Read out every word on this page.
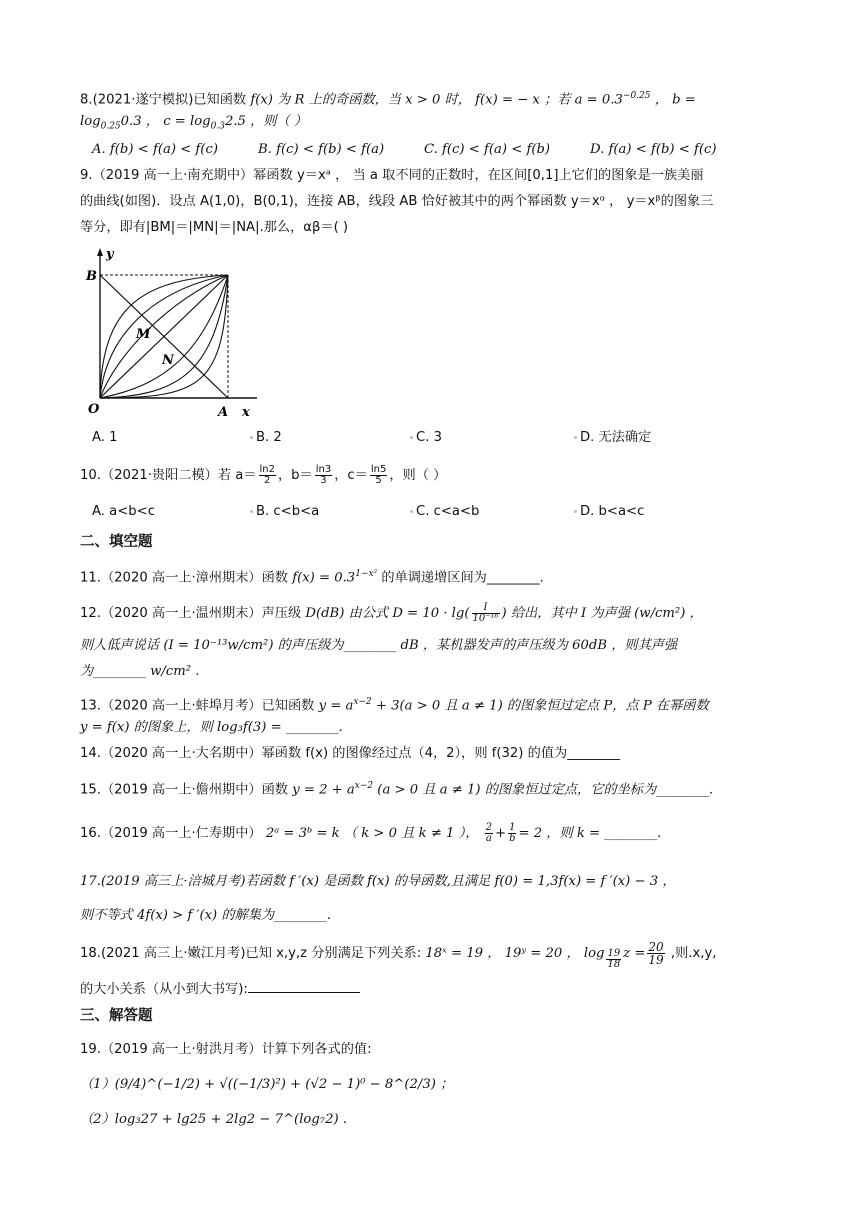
8.(2021·遂宁模拟)已知函数 f(x) 为 R 上的奇函数，当 x > 0 时， f(x) = − x ；若 $a = 0.3^{-0.25}$ ， b =
$\log_{0.25}0.3$ ， $c = \log_{0.3}2.5$ ，则（ ）
A. f(b) < f(a) < f(c)	B. f(c) < f(b) < f(a)	C. f(c) < f(a) < f(b)	D. f(a) < f(b) < f(c)
9.（2019 高一上·南充期中）幂函数 y＝xᵃ ， 当 a 取不同的正数时，在区间[0,1]上它们的图象是一族美丽
的曲线(如图)．设点 A(1,0)，B(0,1)，连接 AB，线段 AB 恰好被其中的两个幂函数 y＝xᵅ ， y＝xᵝ的图象三
等分，即有|BM|＝|MN|＝|NA|.那么，αβ＝( )
y
B
M
N
O	A x
A. 1	B. 2	C. 3	D. 无法确定
10.（2021·贵阳二模）若 $a= \frac{\ln 2}{2}$ ，$b= \frac{\ln 3}{3}$ ，$c= \frac{\ln 5}{5}$ ，则（ ）
A. a<b<c	B. c<b<a	C. c<a<b	D. b<a<c
二、填空题
11.（2020 高一上·漳州期末）函数 $f(x) = 0.3^{1-x^2}$ 的单调递增区间为________.
12.（2020 高一上·温州期末）声压级 D(dB) 由公式 $D = 10 \cdot \lg( \frac{I}{\text{10⁻¹⁶}}$ ) 给出，其中 I 为声强 (w/cm²) ，
则人低声说话 (I = 10⁻¹³w/cm²) 的声压级为________ dB ，某机器发声的声压级为 60dB ，则其声强
为________ w/cm² .
13.（2020 高一上·蚌埠月考）已知函数 $y = a^{x-2} + 3(a > 0$ 且 a ≠ 1) 的图象恒过定点 P，点 P 在幂函数
y = f(x) 的图象上，则 log₃f(3) = ________.
14.（2020 高一上·大名期中）幂函数 f(x) 的图像经过点（4，2），则 f(32) 的值为________
15.（2019 高一上·儋州期中）函数 $y = 2 + a^{x-2}$ (a > 0 且 a ≠ 1) 的图象恒过定点，它的坐标为________.
16.（2019 高一上·仁寿期中） 2ᵃ = 3ᵇ = k （ k > 0 且 k ≠ 1 ）， $\frac{2}{a} + \frac{1}{b} = 2$ ，则 k = ________.
17.(2019 高三上·涪城月考)若函数 f ′(x) 是函数 f(x) 的导函数,且满足 f(0) = 1,3f(x) = f ′(x) − 3 ，
则不等式 4f(x) > f ′(x) 的解集为________.
18.(2021 高三上·嫩江月考)已知 x,y,z 分别满足下列关系: 18ˣ = 19 ， 19ʸ = 20 ， $\log \frac{19}{18}$ $z = \frac{20}{19}$ ,则.x,y,
的大小关系（从小到大书写):
三、解答题
19.（2019 高一上·射洪月考）计算下列各式的值:
（1）(9/4)^(−1/2) + √((−1/3)²) + (√2 − 1)⁰ − 8^(2/3) ；
（2）log₃27 + lg25 + 2lg2 − 7^(log₇2) .
